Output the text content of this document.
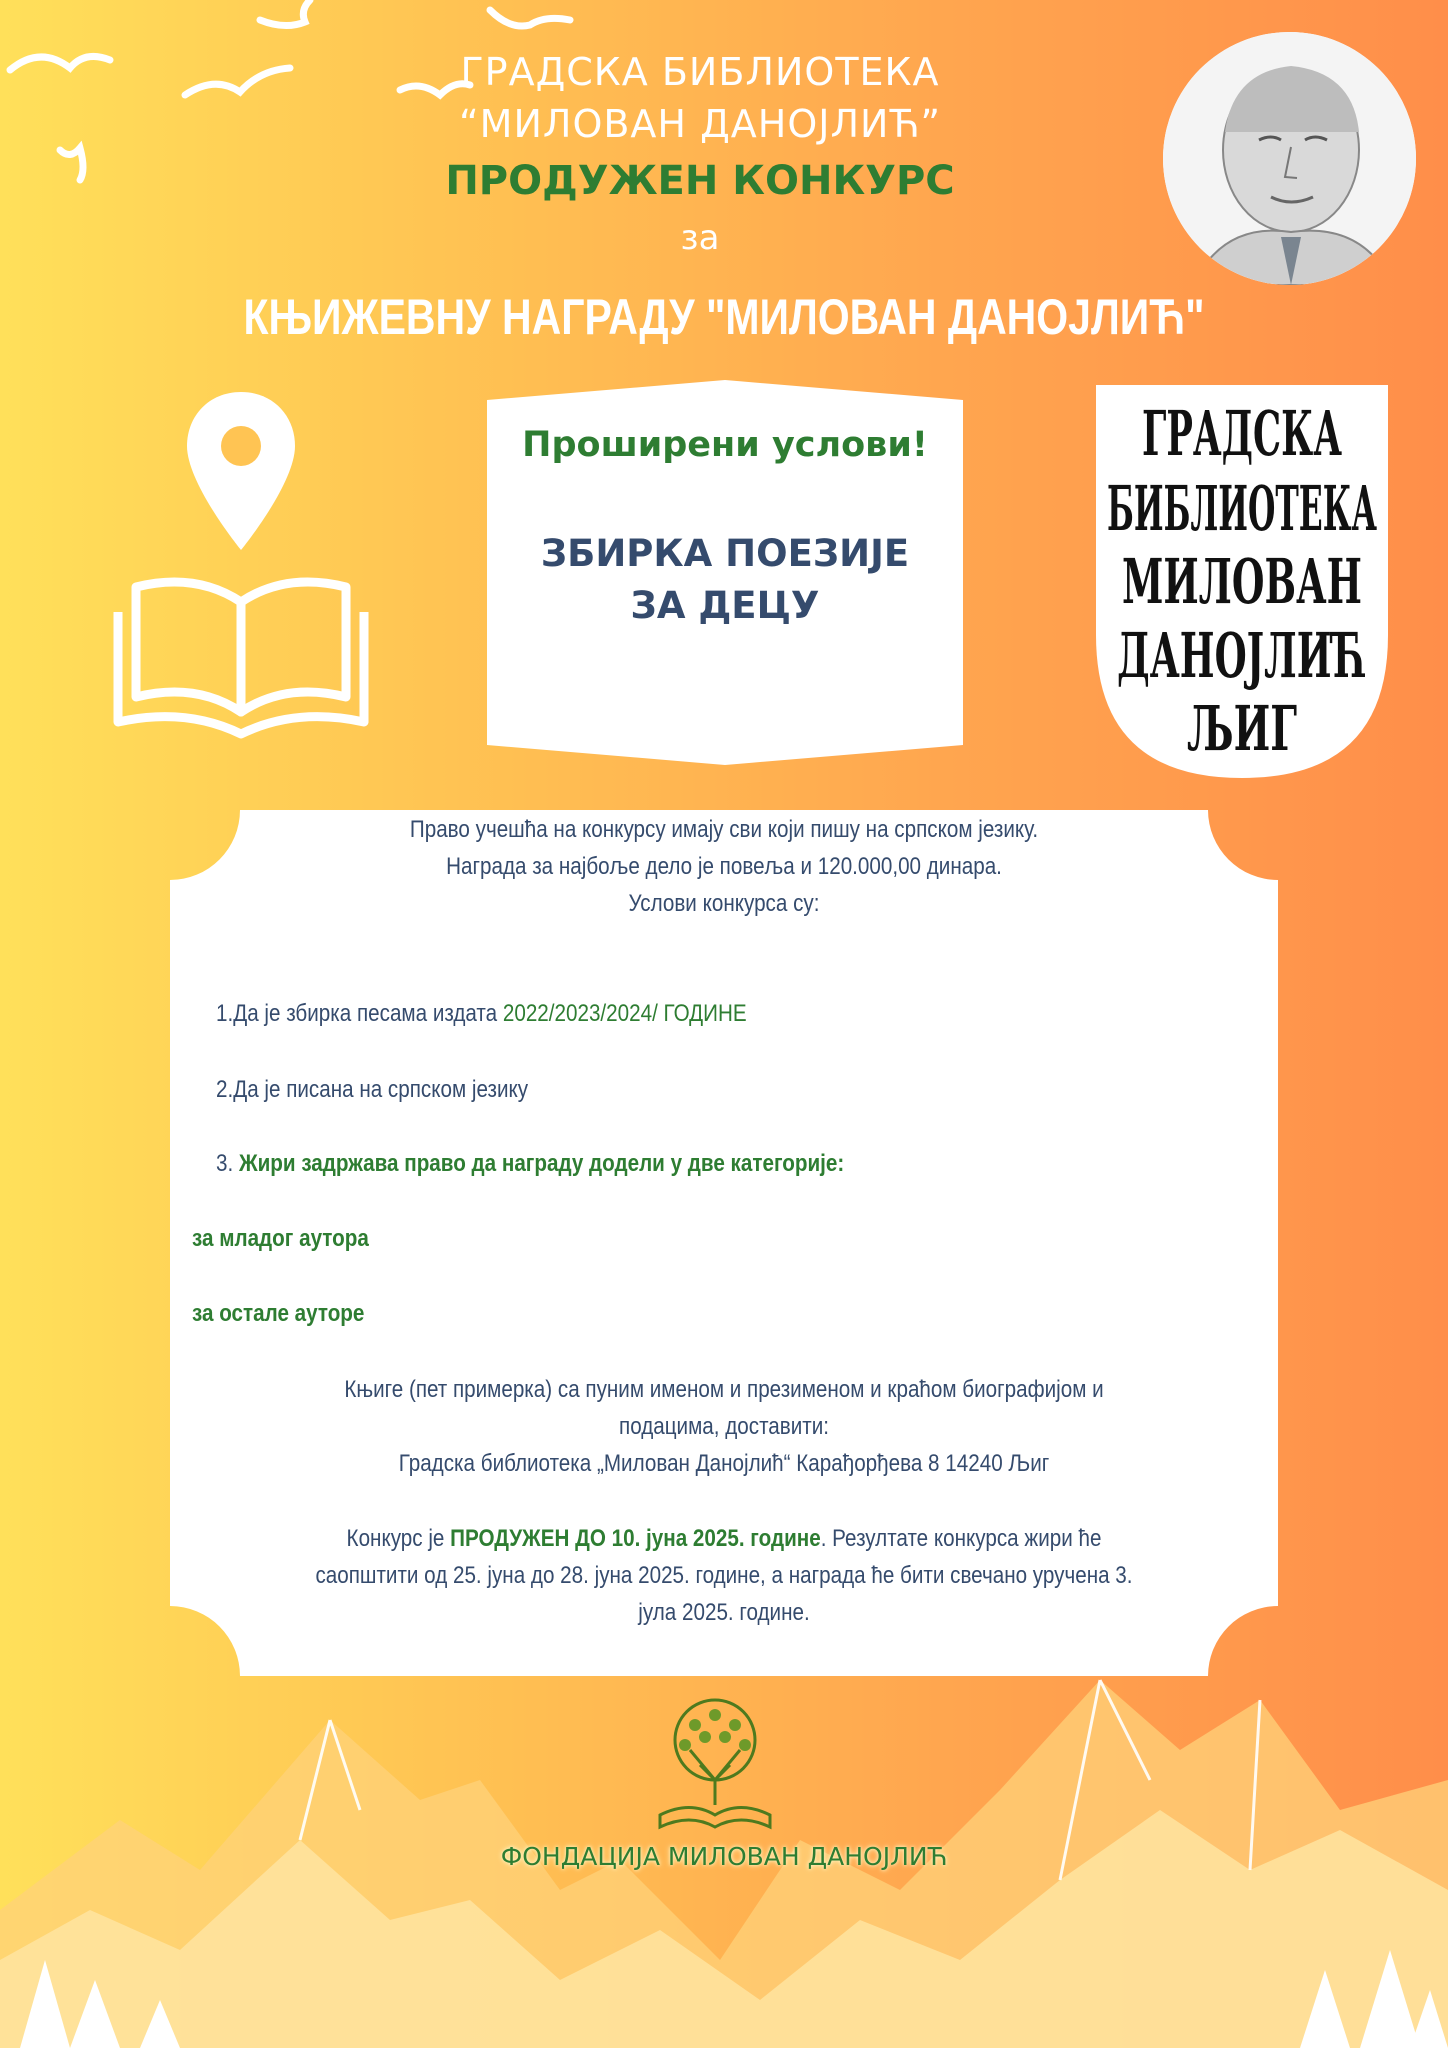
ГРАДСКА БИБЛИОТЕКА
“МИЛОВАН ДАНОЈЛИЋ”
ПРОДУЖЕН КОНКУРС
за
КЊИЖЕВНУ НАГРАДУ "МИЛОВАН ДАНОЈЛИЋ"
Проширени услови!
ЗБИРКА ПОЕЗИЈЕ ЗА ДЕЦУ
ГРАДСКА
БИБЛИОТЕКА
МИЛОВАН
ДАНОЈЛИЋ
ЉИГ
Право учешћа на конкурсу имају сви који пишу на српском језику.
Награда за најбоље дело је повеља и 120.000,00 динара.
Услови конкурса су:
1.Да је збирка песама издата 2022/2023/2024/ ГОДИНЕ
2.Да је писана на српском језику
3. Жири задржава право да награду додели у две категорије:
за младог аутора
за остале ауторе
Књиге (пет примерка) са пуним именом и презименом и краћом биографијом и
подацима, доставити:
Градска библиотека „Милован Данојлић“ Карађорђева 8 14240 Љиг
Конкурс је ПРОДУЖЕН ДО 10. јуна 2025. године. Резултате конкурса жири ће
саопштити од 25. јуна до 28. јуна 2025. године, а награда ће бити свечано уручена 3.
јула 2025. године.
ФОНДАЦИЈА МИЛОВАН ДАНОЈЛИЋ
